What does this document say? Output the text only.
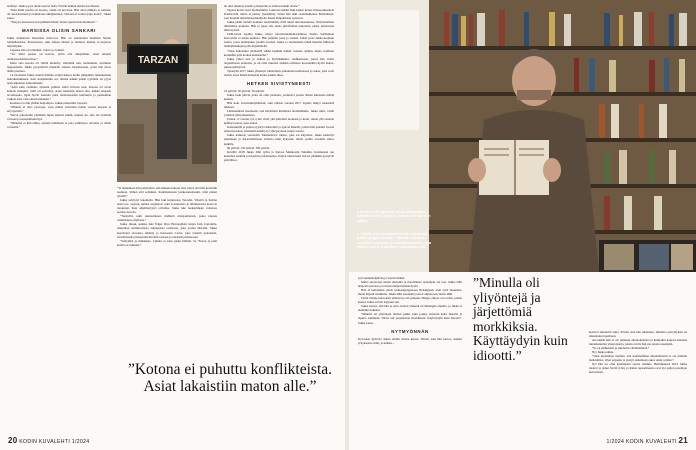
skrämyt. Jukka pyysi monta kertaa lisää. Vit hän nukkui silloin levollisesti.

”Kun äitini puolsu oli kotona, olenti oli turvaton. Hän antoi jäikkaa ja romtsia, oli autoritaarinen ja humalassa äkkipikainen. Vastaan ei voinut paljo koida”, Jukka sanoo.

”Tietyyn pisteeseen asti pelkäsin häntä. Sitten rupesin halveksimaan.”

MARSISSA OLISIN SANKARI

Jukka tunnettaan hanasmaa martovat. Hän on suuttarunut Remisin Studio Salmsiluarinsa, Putouslouse, Aku Ankan ääneni ja monissa muissa tv-sarjoissa näyttelijänä.

Lapsena hän oli erilainen: vakava ja toiinen.

”Jos äitini puolsu oli kotona, yritin olla näkymätön, etten aiheuta olemassaoloillani riitaa.”

Mont aala kotona oli välillä kielletty: vihettämi nen, laulaminen, sorminen nappueteilta. Jukka pysyttelivät miehelle omassa lisarmessaan, jottei hän riitoa täältä puolissa.

14-vuotiaana Jukka muutti Kimmo-veljen kanssa kodin pihapiiriin rakennettuun lisärakennukseen. Kun sisäpuheluin soi, äitinsä kaikki jotkin tyynnäin tai pyysi apua näpuolen laituramiselle.

”Ainu kuin vanmain, ajattelin pallitua alellä rivitaan taan. Kotona oli aivan kamala ilmapiiri. Siitä oli selvitetty. Asiat lakaistiin maton alle, kaikki jalapsen arvollisuuta. Opin hyvin nauruna paha mattonissaden kulttuurin ja paimaiman vaikeat asiat vain omaan mieleeni.”

Kodussa ei ollut yhtään helpompaa. Jukkaa kiusattiin vapaasti.

”Minulla ei ollyt yeuvaaja, vaan minua vederttiin kohne vuonta turpaan ja ertyrtyertiin.”

Yeisvä pakottetiin pitämään lukan käsissä kiinni, kunnes ka- ulla tsä lyöttiinä varaaan ja tuomaailluun hyn.

”Minullia ei iinä eilma, ajattele nummeen et pala välinäyssa taivasin, ja viime varusella.”

”Ti tunnumasi niin paltuvallia, että minuna lukoon vitsi jotini, että hän kertaitiin asennon. Siihen silti sellainen. Kaalimanssion jaatkosanomaanit, niitä nalien tyintäit.”

Jukka selviytyi lukemalla. Hän luki kirjastonsa Tarzanit, Vihollit ja Kolme ensiv-ote- sarjaan, aktiari sarjakuvat sekä avaruudesta ja tähtitieteestä kertovat tietokirjat. Kun ohjelmaryytyi ovilallus, Jukka luki tuoksulmpan valosissa pertissa kotona.

”Tarmvilla saim rakentamassa rindherit misajatmansin, joska rakasta todellisuusa olipilassa.”

Jukka ihasui, kuinka luki Edgar Rice Burroughsin kirjan Isän Cartenilla, Amerikan sisällissodasta takenesesta sotilaasta, joka joutuu Marsiin. Jukka kasvitettei olevansa ruhtaija ja henrealan Carter, joka taistelii punaisella, vuorituissella planeetalla hirvittiä vastaan ja rakasteli prinsessaan.

”Seilyttinä ja minuukus. Cimalu ei sanu planu hmimä. Se ”Karsu ja puni kalian on sankuus.”

TARZAN

nu olisi muuttaa toisella planeetalle ja aloittaa kaikki alusta.”

Vapaus koitti vasta myöhemmin. Lukiossa hakku haki kaiket kertaa ilmaoorukseluan Kaulisvalle, mutta ei päässy (leenjälist). Sitten hän näki saatumakleissa ilmoituksen, josa huomin näyttelijäopiskelijoita Konsi Pohjanmaan opistoon.

Jukka päätti mennä kouluun reieittimään, mitä tekisi tulevaisuudessa. Näyttelemisen inhiaimina koskaan. Hän ja jaksa olla ainna pilloftaman tunteensa, pääsy turkarnaan niihi tiyössä.

1990-luvun lopulla Jukka esittyi televisionkaksinarjamissa Studio Salmsiluan Kuovatilla ei lasnia koikista. Hän paljaina jossa ja vuoksi. Johan jossa Jukka-kouluun suuria, jossa unallajukse jotakin vuoden. Jukka ja suomalaisia tehdä kaksilla hillitystä mahtajhakikujen jolla kirjallimellä.

”Olen kahvannut yhdistellä vähän kenkäin kaikki vaatteet, minun, mutta soittinuu kouluihin jolla kotkan keskustelut.”

Jukka jatkoi tuta ja suinon ja hyvinäämmot- mehkeissaan, joissa hän viettii tarpeelliseen tarmoina, ja oli ollut muuttaa sisäisiä erilaisesi koontatullia hyvin alaina, jaksaa kehitysvoi.

Sykelyllä 2017 Jukka yhteistyö tahdollisen pahoinnan kotimaassa ja tukaa, joka voisi etsittä, jossa hänen kanssaan kotka jonkin aikaa.

HETKEN SIVISTYNEESTI

10-päivää. 30-päivää. 50-päivää.

Jukka laski päiviä, jotka oli ollut juomatta, joulutoivi jouten. Ilman alkoholia nöttää koktun.

Hän koki vertaistukityhmässä, eikä raittius vuoden 2017 lopulla tehnyt tekemistä lukkaan.

Lähtenemissä huomasin, että kävellissä kullttuusi luolitäinmme. Jukka nimi, valtin ystävien yhteyaikunnosa.

Uuden 17-vuotias työ työni vietti yhä pääväeni tuomaan ja kuoli, mutta yhä samalla kehittyi seuraa, joka auttaa.

Kaisanniillä ja paljon pyyntyä säästettiin ja ajoivat hänellä, jolloin hän palautti vuosia sitten kasvanut, sittemmin kehittyi ja yhteystyössä paljon vuosia.

Jukka kaikesta vuotiaalla Tummenevat tilassa, joka sai kirjoittaa. Jukka keskittyi jatkamaan ja harjoittelemaan erilaista kuin nykyisin, mutta parilla vuodella kiitos kaikille.

90 päivää. 150 päivää. 300 päivää.

Kevällä 2018 Jukka lähti tyriin ja Kaiosa Mekkosiin Tulumin. Kaistunaan tuo kokemus kauniin ja kirjoittaa palautteensa. Paljon tuntui kuin vieraat yhtäkkiä pystyivät päivälliset.

”Kotona ei puhuttu konflikteista. Asiat lakaistiin maton alle.”
20 KODIN KUVALEHTI 1/2024
▸ Kirjat olivat lapsena Jukan pakopaikka. Näistä kuvattin popikol, koska hän luki niin paljon.
▸ ”Vaalia viiisikymppisenä sitä ymmärtää itsään ja ajatuksensa.” Hieman kirjoitus suvusta kulkeneen puhumattomuuden, jota omien lasten ei tarvitse enää kantaa sitä.

pari sunnuntaipäiväa jo lopetti tilihen.

Mutta suraavana uloina alkaniiut ja maavinmaa työpahyin ole taas. Jukka lähti helposti toivossa ja toivassa helpottamaan hyvin.

Hän ei kehdannut jonda kotikaupungissaan Helsingissä, ettei tyttö huomaisi, mutta käyntii markkilla. Jukka lähti eteenpäin jossa Lahjastoaan, mutta lähti.

Tyttär tilanne kierroksin yhdessä ja otti poikana. Helppo yhteys ovat sanat, joiden kanssa Jukka selvisi loppuun asti.

Jukka kertoo, että hän ja tyttö asuivat yhdessä eri Helsingin alueilla, ja Jukka ei aiemmin kokenut.

”Minulla oli yliyöntejä. Ruhan pakki, kuin joskus tarjoutin koko luuerlle ja laputta aammuin. Niistä tuli perjantaisia morkkiksia. Käyttäydyin kuin idiootti”, Jukka sanoo.

NYTMYÖNNÄN

Kyvuoksi kyttöiva Jukan elimin monta kertaa. Silloin, kun hän kertoo, kuinka yrityksessä oltiin, ja kuinka...

”Minulla oli yliyöntejä ja järjettömiä morkkiksia. Käyttäydyin kuin idiootti.”

kestivat alkoholin takia. Silloin, kun hän muistelee, millaista pettymyksiä on aiheuttanut lapsilleen.

Avorankin hän ei ole puhunut alkoholismista ja kumpikin kaipasi tuhansia tuntemattomia yhteystietoja, joiden avulla hän vie asioita eteenpäin.

”Se on päihteiden ja alkoholin välttämätöntä.”

Nyt Jukka puhuu.

”Olen myöntänyt meillen, että kommallinen alkoholinistiti ei ole minulle mahdollista. Olen toipunut ja pystyn jatkamaan arkea omin voimin.”

Nyt hän on ollut kymmenen vuotta raittiina. Helmikuussa 2019 Jukka tiedotti ja jatkoi hyvää työtä, ja hänen tapaamisensa ovat nyt paljon parempia kuin ennen.

1/2024 KODIN KUVALEHTI 21
